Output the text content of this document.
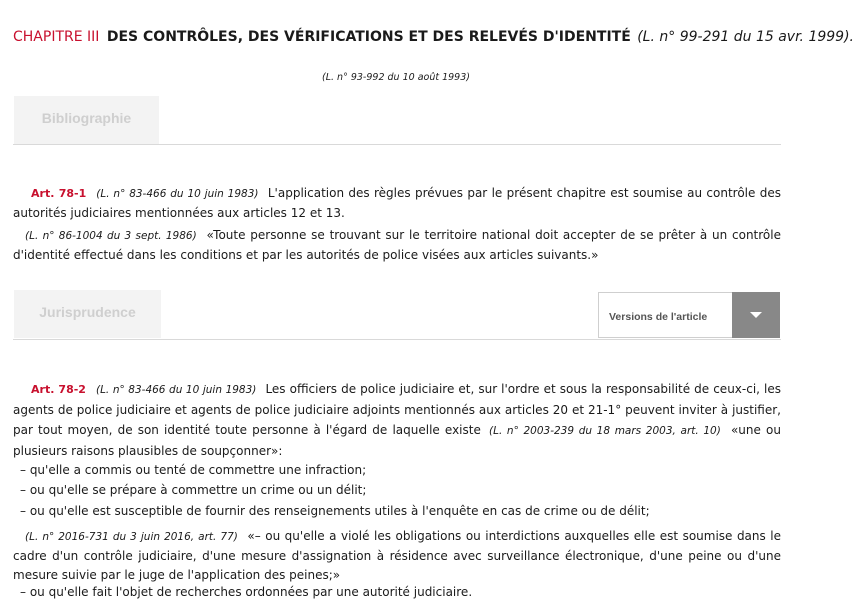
CHAPITRE III DES CONTRÔLES, DES VÉRIFICATIONS ET DES RELEVÉS D'IDENTITÉ (L. n° 99-291 du 15 avr. 1999).
(L. n° 93-992 du 10 août 1993)
Bibliographie
Art. 78-1 (L. n° 83-466 du 10 juin 1983) L'application des règles prévues par le présent chapitre est soumise au contrôle des autorités judiciaires mentionnées aux articles 12 et 13.
(L. n° 86-1004 du 3 sept. 1986) «Toute personne se trouvant sur le territoire national doit accepter de se prêter à un contrôle d'identité effectué dans les conditions et par les autorités de police visées aux articles suivants.»
Jurisprudence	Versions de l'article
Art. 78-2 (L. n° 83-466 du 10 juin 1983) Les officiers de police judiciaire et, sur l'ordre et sous la responsabilité de ceux-ci, les agents de police judiciaire et agents de police judiciaire adjoints mentionnés aux articles 20 et 21-1° peuvent inviter à justifier, par tout moyen, de son identité toute personne à l'égard de laquelle existe (L. n° 2003-239 du 18 mars 2003, art. 10) «une ou plusieurs raisons plausibles de soupçonner»:
– qu'elle a commis ou tenté de commettre une infraction;
– ou qu'elle se prépare à commettre un crime ou un délit;
– ou qu'elle est susceptible de fournir des renseignements utiles à l'enquête en cas de crime ou de délit;
(L. n° 2016-731 du 3 juin 2016, art. 77) «– ou qu'elle a violé les obligations ou interdictions auxquelles elle est soumise dans le cadre d'un contrôle judiciaire, d'une mesure d'assignation à résidence avec surveillance électronique, d'une peine ou d'une mesure suivie par le juge de l'application des peines;»
– ou qu'elle fait l'objet de recherches ordonnées par une autorité judiciaire.
